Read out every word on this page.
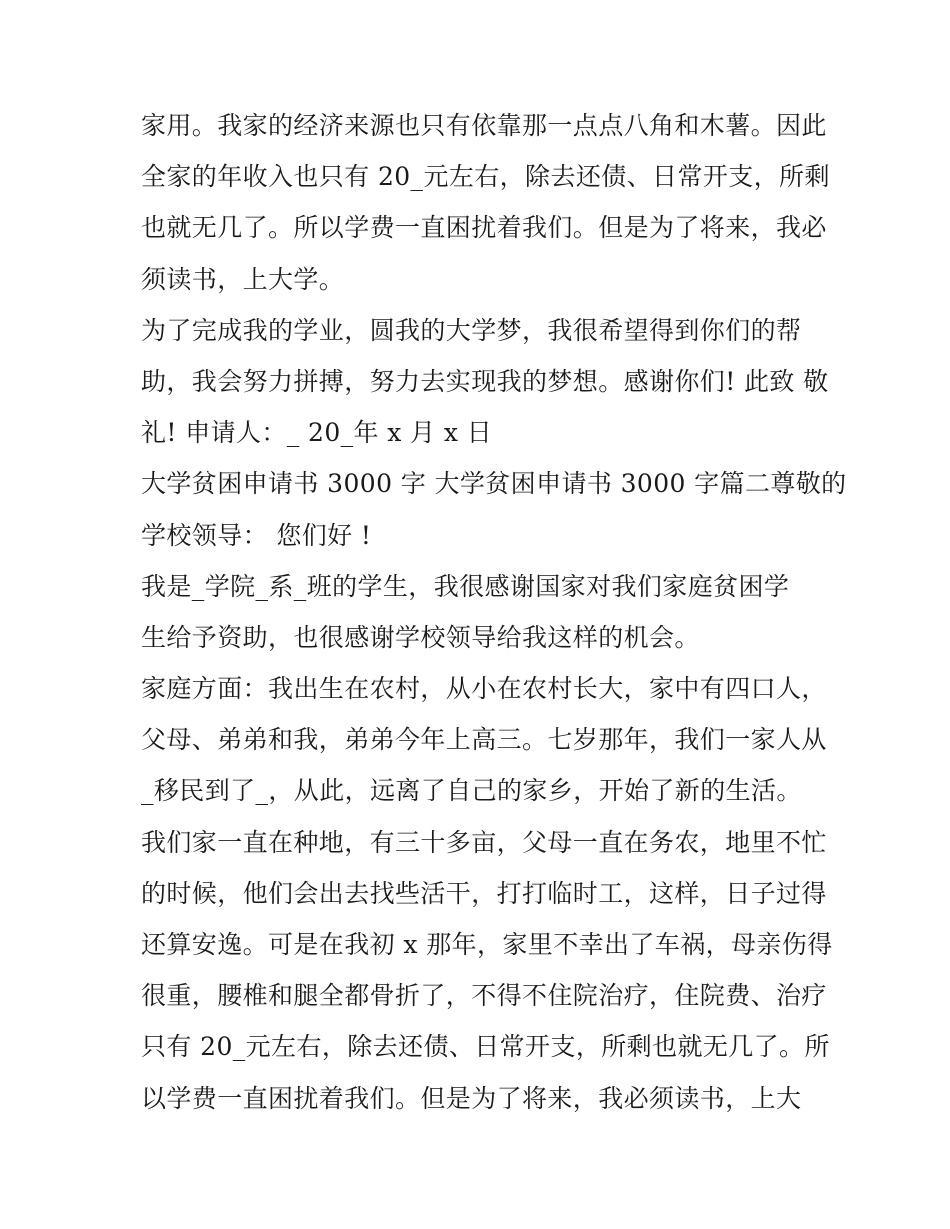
家用。我家的经济来源也只有依靠那一点点八角和木薯。因此
全家的年收入也只有 20_元左右，除去还债、日常开支，所剩
也就无几了。所以学费一直困扰着我们。但是为了将来，我必
须读书，上大学。
为了完成我的学业，圆我的大学梦，我很希望得到你们的帮
助，我会努力拼搏，努力去实现我的梦想。感谢你们! 此致 敬
礼! 申请人：_ 20_年 x 月 x 日
大学贫困申请书 3000 字 大学贫困申请书 3000 字篇二尊敬的
学校领导： 您们好 !
我是_学院_系_班的学生，我很感谢国家对我们家庭贫困学
生给予资助，也很感谢学校领导给我这样的机会。
家庭方面：我出生在农村，从小在农村长大，家中有四口人，
父母、弟弟和我，弟弟今年上高三。七岁那年，我们一家人从
_移民到了_，从此，远离了自己的家乡，开始了新的生活。
我们家一直在种地，有三十多亩，父母一直在务农，地里不忙
的时候，他们会出去找些活干，打打临时工，这样，日子过得
还算安逸。可是在我初 x 那年，家里不幸出了车祸，母亲伤得
很重，腰椎和腿全都骨折了，不得不住院治疗，住院费、治疗
只有 20_元左右，除去还债、日常开支，所剩也就无几了。所
以学费一直困扰着我们。但是为了将来，我必须读书，上大
